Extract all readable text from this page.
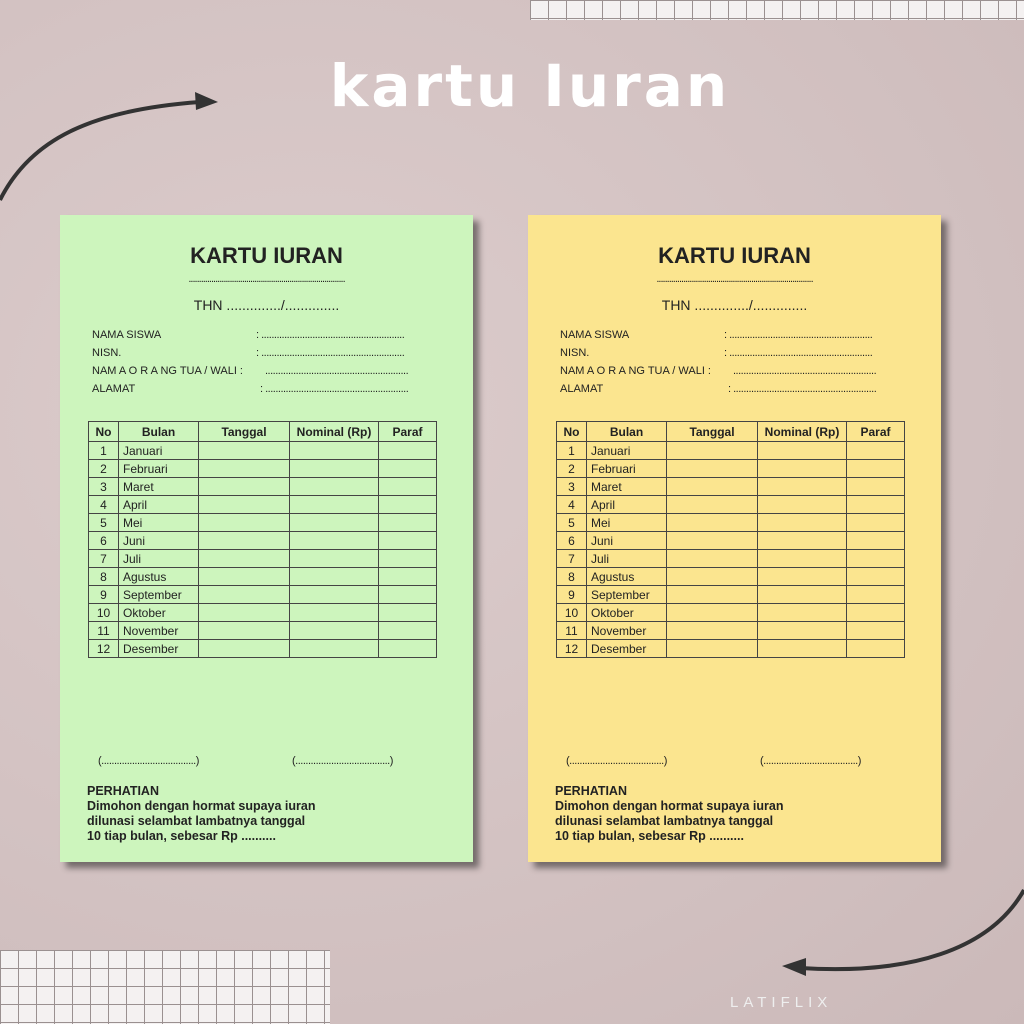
kartu Iuran
LATIFLIX
KARTU IURAN
............................................................................
THN ............../..............
NAMA SISWA	: ........................................................
NISN.	: ........................................................
NAM A O R A NG TUA / WALI : ........................................................
ALAMAT	: ........................................................
No	Bulan	Tanggal	Nominal (Rp)	Paraf
1	Januari			
2	Februari			
3	Maret			
4	April			
5	Mei			
6	Juni			
7	Juli			
8	Agustus			
9	September			
10	Oktober			
11	November			
12	Desember			
(.....................................)	(.....................................)
PERHATIAN
Dimohon dengan hormat supaya iuran
dilunasi selambat lambatnya tanggal
10 tiap bulan, sebesar Rp ..........
KARTU IURAN
............................................................................
THN ............../..............
NAMA SISWA	: ........................................................
NISN.	: ........................................................
NAM A O R A NG TUA / WALI : ........................................................
ALAMAT	: ........................................................
No	Bulan	Tanggal	Nominal (Rp)	Paraf
1	Januari			
2	Februari			
3	Maret			
4	April			
5	Mei			
6	Juni			
7	Juli			
8	Agustus			
9	September			
10	Oktober			
11	November			
12	Desember			
(.....................................)	(.....................................)
PERHATIAN
Dimohon dengan hormat supaya iuran
dilunasi selambat lambatnya tanggal
10 tiap bulan, sebesar Rp ..........
